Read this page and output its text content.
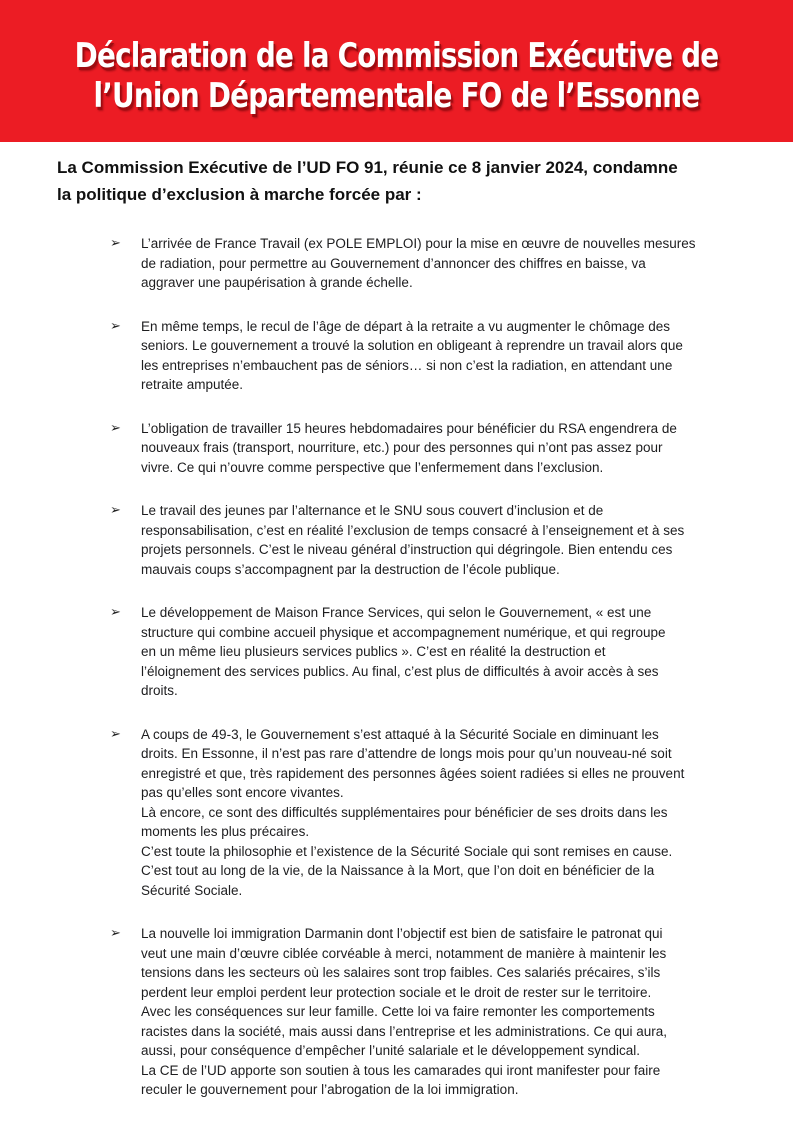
Déclaration de la Commission Exécutive de
l’Union Départementale FO de l’Essonne
La Commission Exécutive de l’UD FO 91, réunie ce 8 janvier 2024, condamne
la politique d’exclusion à marche forcée par :
➢ L’arrivée de France Travail (ex POLE EMPLOI) pour la mise en œuvre de nouvelles mesures
de radiation, pour permettre au Gouvernement d’annoncer des chiffres en baisse, va
aggraver une paupérisation à grande échelle.
➢ En même temps, le recul de l’âge de départ à la retraite a vu augmenter le chômage des
seniors. Le gouvernement a trouvé la solution en obligeant à reprendre un travail alors que
les entreprises n’embauchent pas de séniors… si non c’est la radiation, en attendant une
retraite amputée.
➢ L’obligation de travailler 15 heures hebdomadaires pour bénéficier du RSA engendrera de
nouveaux frais (transport, nourriture, etc.) pour des personnes qui n’ont pas assez pour
vivre. Ce qui n’ouvre comme perspective que l’enfermement dans l’exclusion.
➢ Le travail des jeunes par l’alternance et le SNU sous couvert d’inclusion et de
responsabilisation, c’est en réalité l’exclusion de temps consacré à l’enseignement et à ses
projets personnels. C’est le niveau général d’instruction qui dégringole. Bien entendu ces
mauvais coups s’accompagnent par la destruction de l’école publique.
➢ Le développement de Maison France Services, qui selon le Gouvernement, « est une
structure qui combine accueil physique et accompagnement numérique, et qui regroupe
en un même lieu plusieurs services publics ». C’est en réalité la destruction et
l’éloignement des services publics. Au final, c’est plus de difficultés à avoir accès à ses
droits.
➢ A coups de 49-3, le Gouvernement s’est attaqué à la Sécurité Sociale en diminuant les
droits. En Essonne, il n’est pas rare d’attendre de longs mois pour qu’un nouveau-né soit
enregistré et que, très rapidement des personnes âgées soient radiées si elles ne prouvent
pas qu’elles sont encore vivantes.
Là encore, ce sont des difficultés supplémentaires pour bénéficier de ses droits dans les
moments les plus précaires.
C’est toute la philosophie et l’existence de la Sécurité Sociale qui sont remises en cause.
C’est tout au long de la vie, de la Naissance à la Mort, que l’on doit en bénéficier de la
Sécurité Sociale.
➢ La nouvelle loi immigration Darmanin dont l’objectif est bien de satisfaire le patronat qui
veut une main d’œuvre ciblée corvéable à merci, notamment de manière à maintenir les
tensions dans les secteurs où les salaires sont trop faibles. Ces salariés précaires, s’ils
perdent leur emploi perdent leur protection sociale et le droit de rester sur le territoire.
Avec les conséquences sur leur famille. Cette loi va faire remonter les comportements
racistes dans la société, mais aussi dans l’entreprise et les administrations. Ce qui aura,
aussi, pour conséquence d’empêcher l’unité salariale et le développement syndical.
La CE de l’UD apporte son soutien à tous les camarades qui iront manifester pour faire
reculer le gouvernement pour l’abrogation de la loi immigration.
